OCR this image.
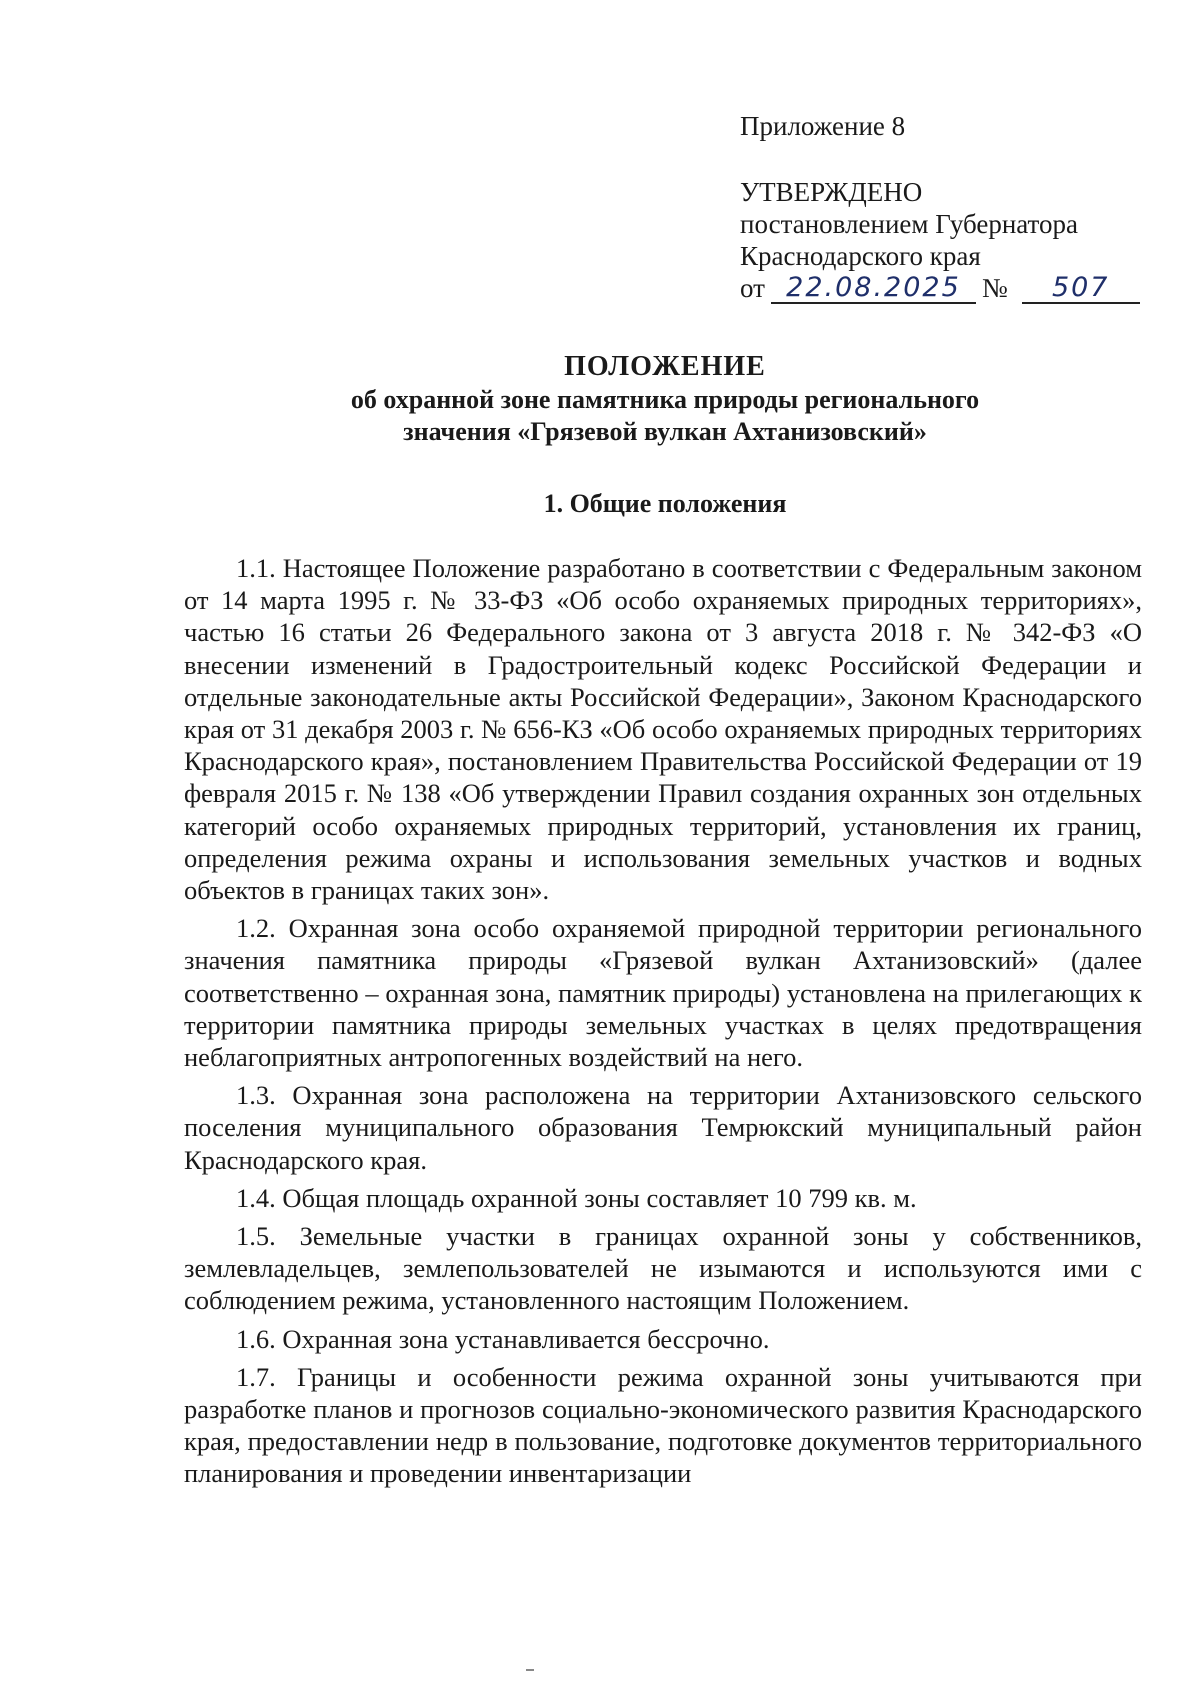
Приложение 8
УТВЕРЖДЕНО
постановлением Губернатора
Краснодарского края
от 22.08.2025 №	507
ПОЛОЖЕНИЕ
об охранной зоне памятника природы регионального
значения «Грязевой вулкан Ахтанизовский»
1. Общие положения

1.1. Настоящее Положение разработано в соответствии с Федеральным законом от 14 марта 1995 г. № 33-ФЗ «Об особо охраняемых природных территориях», частью 16 статьи 26 Федерального закона от 3 августа 2018 г. № 342-ФЗ «О внесении изменений в Градостроительный кодекс Российской Федерации и отдельные законодательные акты Российской Федерации», Законом Краснодарского края от 31 декабря 2003 г. № 656-КЗ «Об особо охраняемых природных территориях Краснодарского края», постановлением Правительства Российской Федерации от 19 февраля 2015 г. № 138 «Об утверждении Правил создания охранных зон отдельных категорий особо охраняемых природных территорий, установления их границ, определения режима охраны и использования земельных участков и водных объектов в границах таких зон».

1.2. Охранная зона особо охраняемой природной территории регионального значения памятника природы «Грязевой вулкан Ахтанизовский» (далее соответственно – охранная зона, памятник природы) установлена на прилегающих к территории памятника природы земельных участках в целях предотвращения неблагоприятных антропогенных воздействий на него.

1.3. Охранная зона расположена на территории Ахтанизовского сельского поселения муниципального образования Темрюкский муниципальный район Краснодарского края.

1.4. Общая площадь охранной зоны составляет 10 799 кв. м.

1.5. Земельные участки в границах охранной зоны у собственников, землевладельцев, землепользователей не изымаются и используются ими с соблюдением режима, установленного настоящим Положением.

1.6. Охранная зона устанавливается бессрочно.

1.7. Границы и особенности режима охранной зоны учитываются при разработке планов и прогнозов социально-экономического развития Краснодарского края, предоставлении недр в пользование, подготовке документов территориального планирования и проведении инвентаризации
